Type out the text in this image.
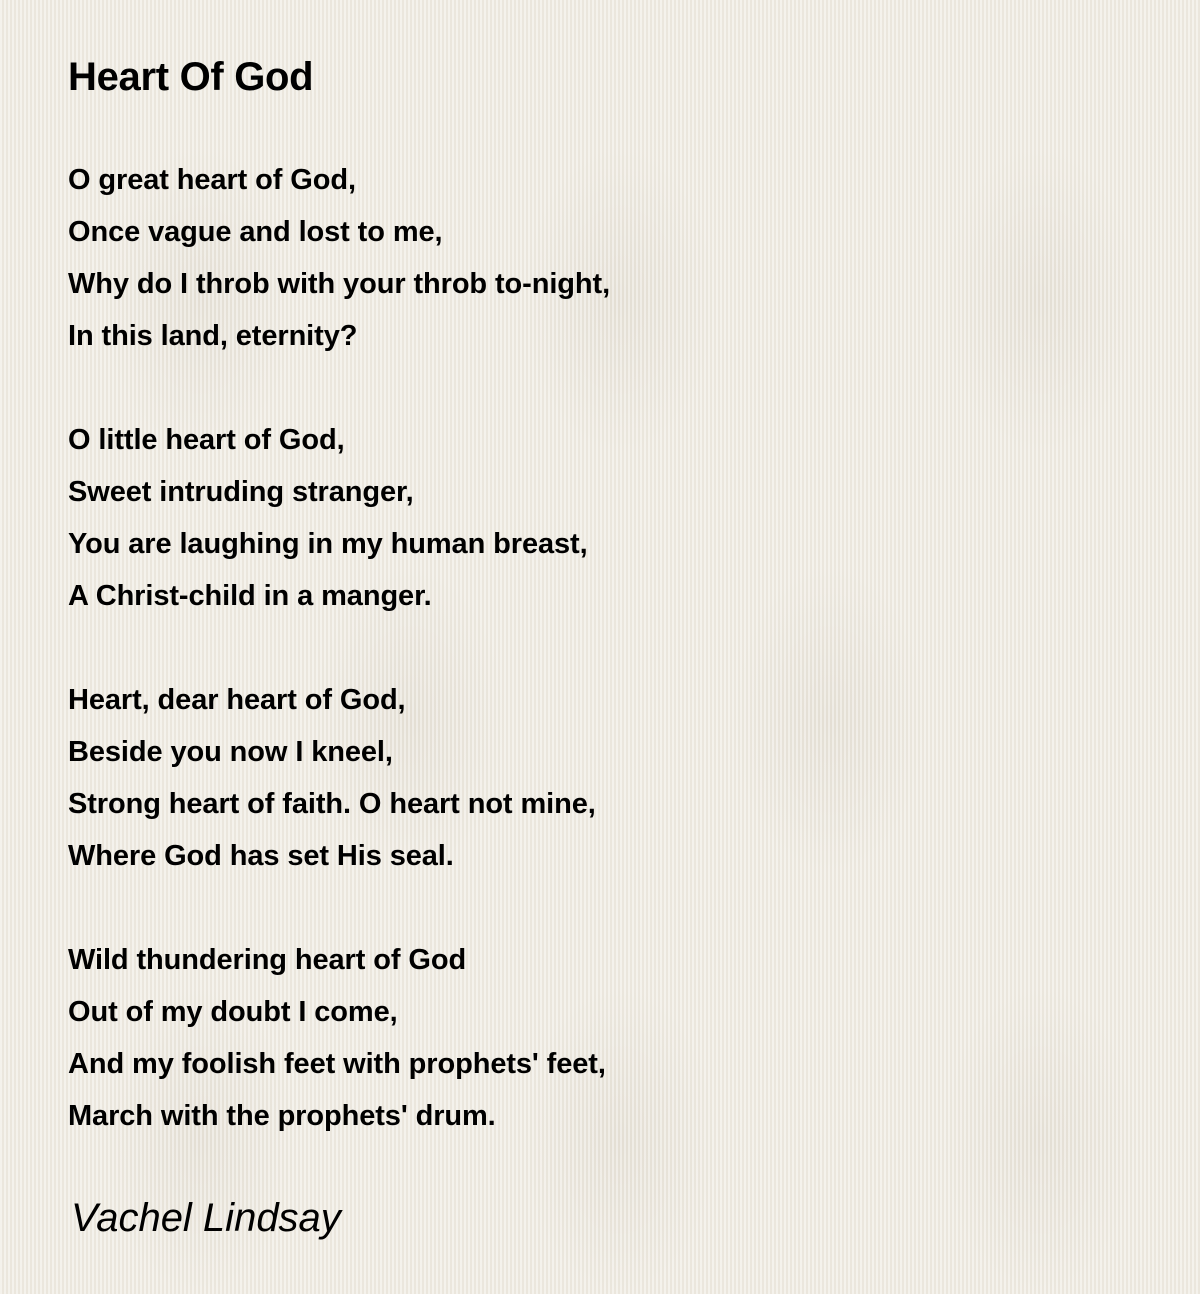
Heart Of God
O great heart of God,
Once vague and lost to me,
Why do I throb with your throb to-night,
In this land, eternity?
O little heart of God,
Sweet intruding stranger,
You are laughing in my human breast,
A Christ-child in a manger.
Heart, dear heart of God,
Beside you now I kneel,
Strong heart of faith. O heart not mine,
Where God has set His seal.
Wild thundering heart of God
Out of my doubt I come,
And my foolish feet with prophets' feet,
March with the prophets' drum.
Vachel Lindsay
